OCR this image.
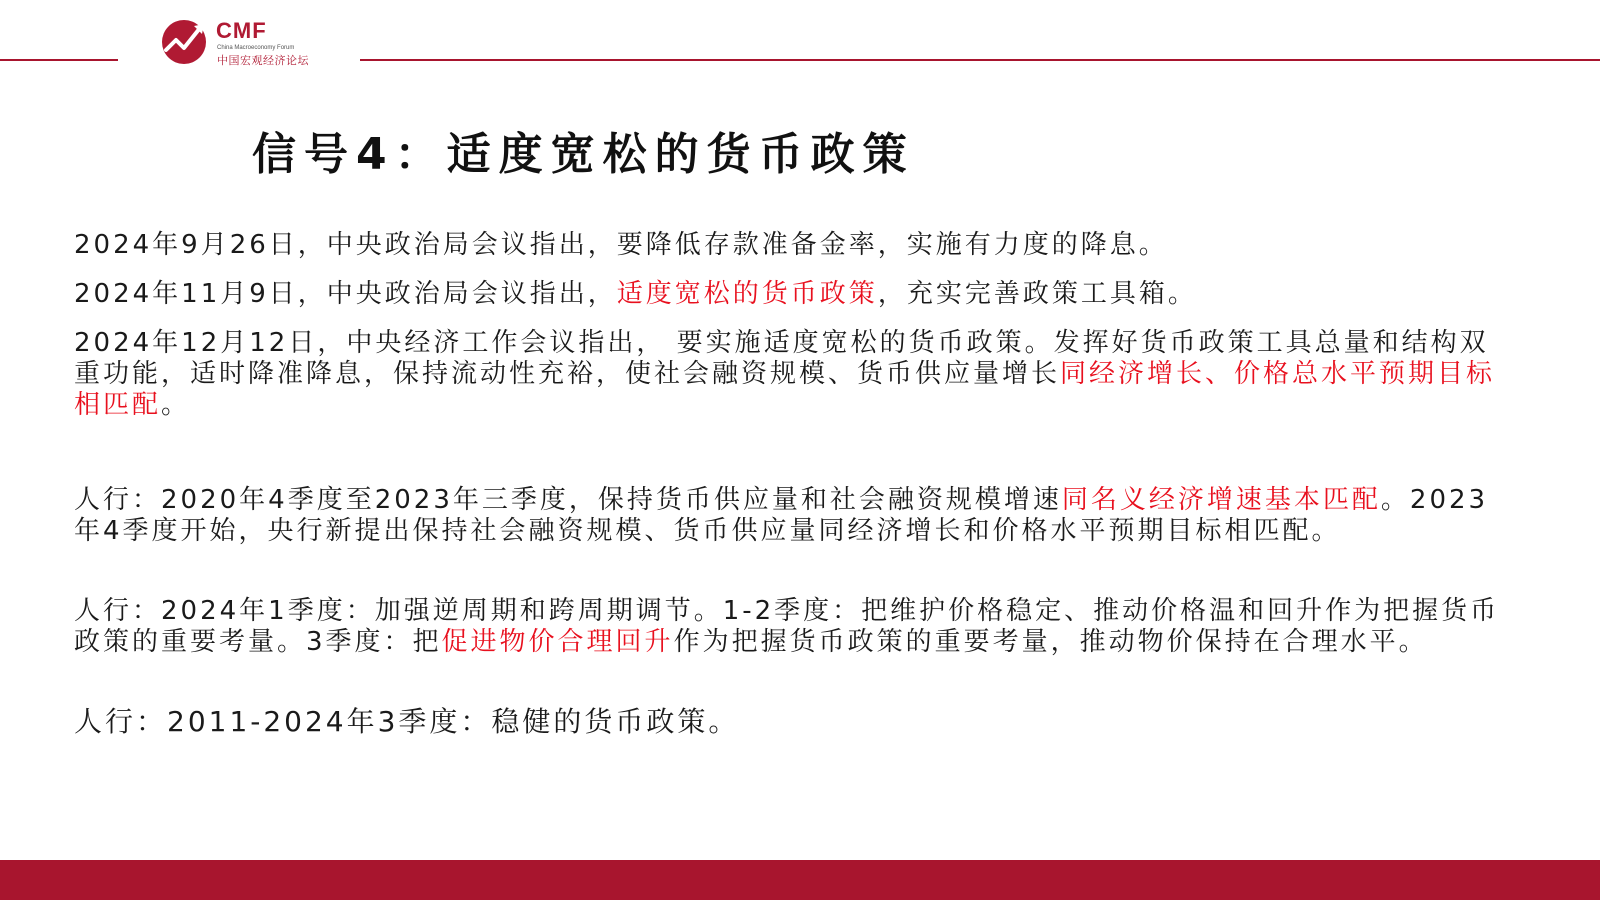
CMF
China Macroeconomy Forum
中国宏观经济论坛
信号4：适度宽松的货币政策
2024年9月26日，中央政治局会议指出，要降低存款准备金率，实施有力度的降息。
2024年11月9日，中央政治局会议指出，适度宽松的货币政策，充实完善政策工具箱。
2024年12月12日，中央经济工作会议指出， 要实施适度宽松的货币政策。发挥好货币政策工具总量和结构双重功能，适时降准降息，保持流动性充裕，使社会融资规模、货币供应量增长同经济增长、价格总水平预期目标相匹配。
人行：2020年4季度至2023年三季度，保持货币供应量和社会融资规模增速同名义经济增速基本匹配。2023年4季度开始，央行新提出保持社会融资规模、货币供应量同经济增长和价格水平预期目标相匹配。
人行：2024年1季度：加强逆周期和跨周期调节。1-2季度：把维护价格稳定、推动价格温和回升作为把握货币政策的重要考量。3季度：把促进物价合理回升作为把握货币政策的重要考量，推动物价保持在合理水平。
人行：2011-2024年3季度：稳健的货币政策。
